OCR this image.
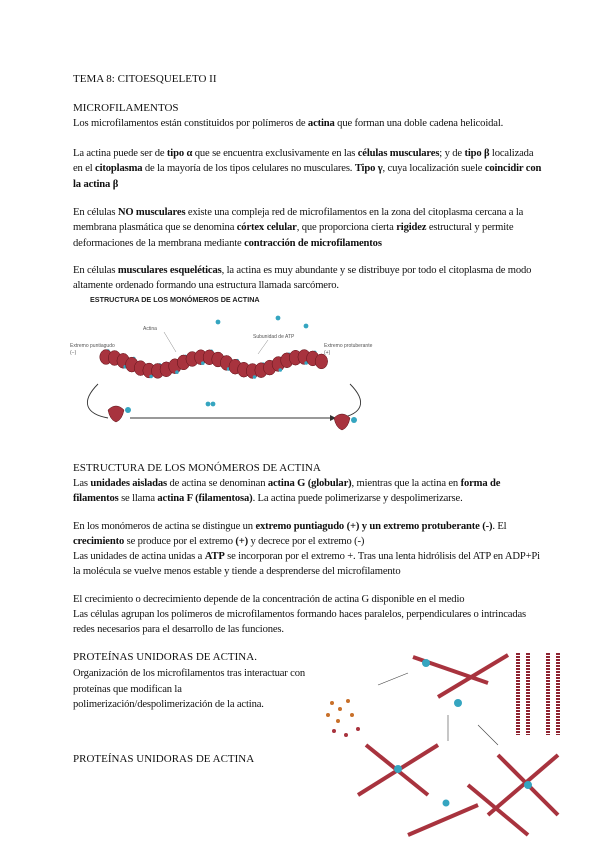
TEMA 8: CITOESQUELETO II
MICROFILAMENTOS
Los microfilamentos están constituidos por polímeros de actina que forman una doble cadena helicoidal.
La actina puede ser de tipo α que se encuentra exclusivamente en las células musculares; y de tipo β localizada en el citoplasma de la mayoría de los tipos celulares no musculares. Tipo γ, cuya localización suele coincidir con la actina β
En células NO musculares existe una compleja red de microfilamentos en la zona del citoplasma cercana a la membrana plasmática que se denomina córtex celular, que proporciona cierta rigidez estructural y permite deformaciones de la membrana mediante contracción de microfilamentos
En células musculares esqueléticas, la actina es muy abundante y se distribuye por todo el citoplasma de modo altamente ordenado formando una estructura llamada sarcómero.
ESTRUCTURA DE LOS MONÓMEROS DE ACTINA
Extremo puntiagudo
(−)
Extremo protuberante
(+)
Actina
Subunidad de ATP
ESTRUCTURA DE LOS MONÓMEROS DE ACTINA
Las unidades aisladas de actina se denominan actina G (globular), mientras que la actina en forma de filamentos se llama actina F (filamentosa). La actina puede polimerizarse y despolimerizarse.
En los monómeros de actina se distingue un extremo puntiagudo (+) y un extremo protuberante (-). El crecimiento se produce por el extremo (+) y decrece por el extremo (-)
Las unidades de actina unidas a ATP se incorporan por el extremo +. Tras una lenta hidrólisis del ATP en ADP+Pi la molécula se vuelve menos estable y tiende a desprenderse del microfilamento
El crecimiento o decrecimiento depende de la concentración de actina G disponible en el medio
Las células agrupan los polímeros de microfilamentos formando haces paralelos, perpendiculares o intrincadas redes necesarios para el desarrollo de las funciones.
PROTEÍNAS UNIDORAS DE ACTINA.
Organización de los microfilamentos tras interactuar con proteínas que modifican la polimerización/despolimerización de la actina.
PROTEÍNAS UNIDORAS DE ACTINA
